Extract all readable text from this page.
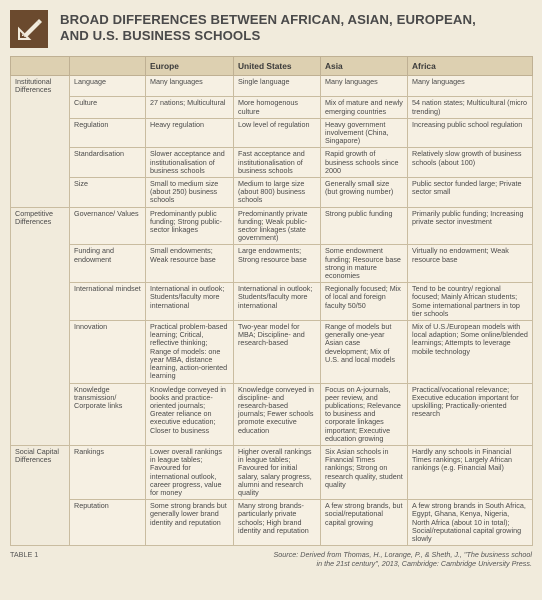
BROAD DIFFERENCES BETWEEN AFRICAN, ASIAN, EUROPEAN,
AND U.S. BUSINESS SCHOOLS
		Europe	United States	Asia	Africa
Institutional Differences	Language	Many languages	Single language	Many languages	Many languages
	Culture	27 nations; Multicultural	More homogenous culture	Mix of mature and newly emerging countries	54 nation states; Multicultural (micro trending)
	Regulation	Heavy regulation	Low level of regulation	Heavy government involvement (China, Singapore)	Increasing public school regulation
	Standardisation	Slower acceptance and institutionalisation of business schools	Fast acceptance and institutionalisation of business schools	Rapid growth of business schools since 2000	Relatively slow growth of business schools (about 100)
	Size	Small to medium size (about 250) business schools	Medium to large size (about 800) business schools	Generally small size (but growing number)	Public sector funded large; Private sector small
Competitive Differences	Governance/ Values	Predominantly public funding; Strong public-sector linkages	Predominantly private funding; Weak public-sector linkages (state government)	Strong public funding	Primarily public funding; Increasing private sector investment
	Funding and endowment	Small endowments; Weak resource base	Large endowments; Strong resource base	Some endowment funding; Resource base strong in mature economies	Virtually no endowment; Weak resource base
	International mindset	International in outlook; Students/faculty more international	International in outlook; Students/faculty more international	Regionally focused; Mix of local and foreign faculty 50/50	Tend to be country/ regional focused; Mainly African students; Some international partners in top tier schools
	Innovation	Practical problem-based learning; Critical, reflective thinking; Range of models: one year MBA, distance learning, action-oriented learning	Two-year model for MBA; Discipline- and research-based	Range of models but generally one-year Asian case development; Mix of U.S. and local models	Mix of U.S./European models with local adaption; Some online/blended learnings; Attempts to leverage mobile technology
	Knowledge transmission/ Corporate links	Knowledge conveyed in books and practice-oriented journals; Greater reliance on executive education; Closer to business	Knowledge conveyed in discipline- and research-based journals; Fewer schools promote executive education	Focus on A-journals, peer review, and publications; Relevance to business and corporate linkages important; Executive education growing	Practical/vocational relevance; Executive education important for upskilling; Practically-oriented research
Social Capital Differences	Rankings	Lower overall rankings in league tables; Favoured for international outlook, career progress, value for money	Higher overall rankings in league tables; Favoured for initial salary, salary progress, alumni and research quality	Six Asian schools in Financial Times rankings; Strong on research quality, student quality	Hardly any schools in Financial Times rankings; Largely African rankings (e.g. Financial Mail)
	Reputation	Some strong brands but generally lower brand identity and reputation	Many strong brands-particularly private schools; High brand identity and reputation	A few strong brands, but social/reputational capital growing	A few strong brands in South Africa, Egypt, Ghana, Kenya, Nigeria, North Africa (about 10 in total); Social/reputational capital growing slowly
TABLE 1	Source: Derived from Thomas, H., Lorange, P., & Sheth, J., "The business school
in the 21st century", 2013, Cambridge: Cambridge University Press.
